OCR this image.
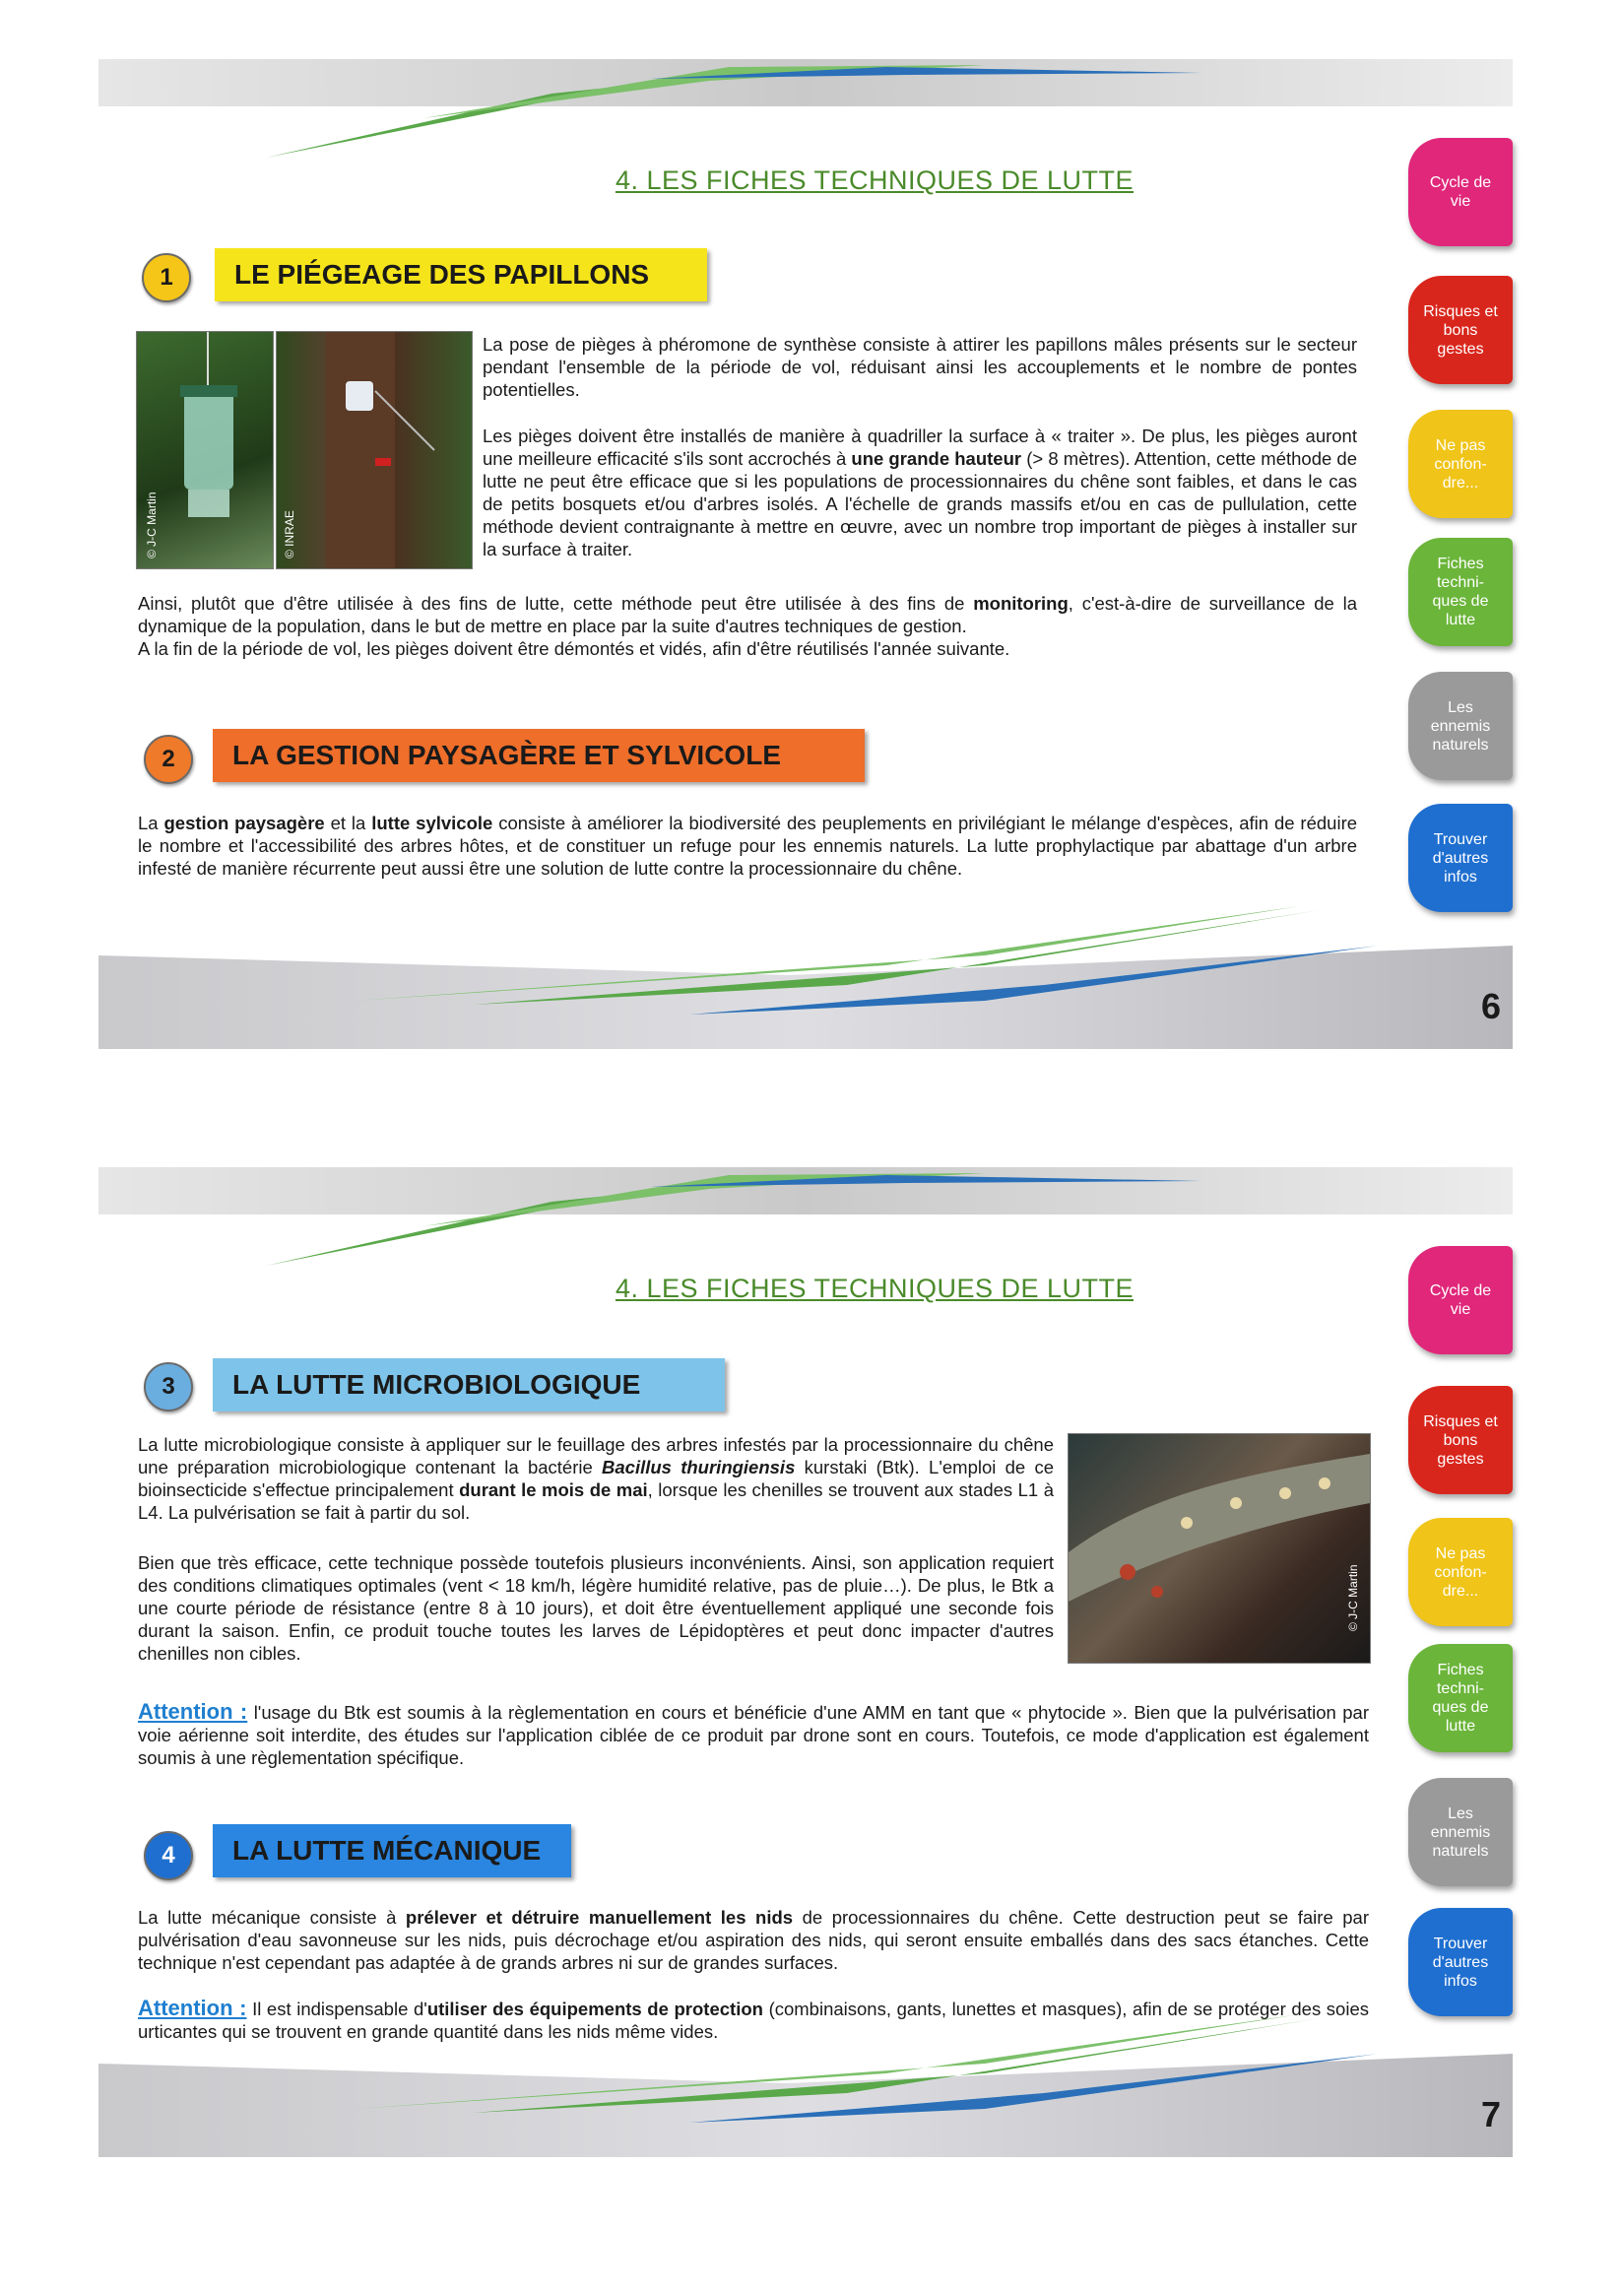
4. LES FICHES TECHNIQUES DE LUTTE
1	LE PIÉGEAGE DES PAPILLONS
© J-C Martin	© INRAE
La pose de pièges à phéromone de synthèse consiste à attirer les papillons mâles présents sur le secteur pendant l'ensemble de la période de vol, réduisant ainsi les accouplements et le nombre de pontes potentielles.
Les pièges doivent être installés de manière à quadriller la surface à « traiter ». De plus, les pièges auront une meilleure efficacité s'ils sont accrochés à une grande hauteur (> 8 mètres). Attention, cette méthode de lutte ne peut être efficace que si les populations de processionnaires du chêne sont faibles, et dans le cas de petits bosquets et/ou d'arbres isolés. A l'échelle de grands massifs et/ou en cas de pullulation, cette méthode devient contraignante à mettre en œuvre, avec un nombre trop important de pièges à installer sur la surface à traiter.
Ainsi, plutôt que d'être utilisée à des fins de lutte, cette méthode peut être utilisée à des fins de monitoring, c'est-à-dire de surveillance de la dynamique de la population, dans le but de mettre en place par la suite d'autres techniques de gestion.
A la fin de la période de vol, les pièges doivent être démontés et vidés, afin d'être réutilisés l'année suivante.
2	LA GESTION PAYSAGÈRE ET SYLVICOLE
La gestion paysagère et la lutte sylvicole consiste à améliorer la biodiversité des peuplements en privilégiant le mélange d'espèces, afin de réduire le nombre et l'accessibilité des arbres hôtes, et de constituer un refuge pour les ennemis naturels. La lutte prophylactique par abattage d'un arbre infesté de manière récurrente peut aussi être une solution de lutte contre la processionnaire du chêne.
Cycle de vie
Risques et bons gestes
Ne pas confon-dre...
Fiches techni-ques de lutte
Les ennemis naturels
Trouver d'autres infos
6
4. LES FICHES TECHNIQUES DE LUTTE
3	LA LUTTE MICROBIOLOGIQUE
La lutte microbiologique consiste à appliquer sur le feuillage des arbres infestés par la processionnaire du chêne une préparation microbiologique contenant la bactérie Bacillus thuringiensis kurstaki (Btk). L'emploi de ce bioinsecticide s'effectue principalement durant le mois de mai, lorsque les chenilles se trouvent aux stades L1 à L4. La pulvérisation se fait à partir du sol.
Bien que très efficace, cette technique possède toutefois plusieurs inconvénients. Ainsi, son application requiert des conditions climatiques optimales (vent < 18 km/h, légère humidité relative, pas de pluie…). De plus, le Btk a une courte période de résistance (entre 8 à 10 jours), et doit être éventuellement appliqué une seconde fois durant la saison. Enfin, ce produit touche toutes les larves de Lépidoptères et peut donc impacter d'autres chenilles non cibles.
© J-C Martin
Attention : l'usage du Btk est soumis à la règlementation en cours et bénéficie d'une AMM en tant que « phytocide ». Bien que la pulvérisation par voie aérienne soit interdite, des études sur l'application ciblée de ce produit par drone sont en cours. Toutefois, ce mode d'application est également soumis à une règlementation spécifique.
4	LA LUTTE MÉCANIQUE
La lutte mécanique consiste à prélever et détruire manuellement les nids de processionnaires du chêne. Cette destruction peut se faire par pulvérisation d'eau savonneuse sur les nids, puis décrochage et/ou aspiration des nids, qui seront ensuite emballés dans des sacs étanches. Cette technique n'est cependant pas adaptée à de grands arbres ni sur de grandes surfaces.
Attention : Il est indispensable d'utiliser des équipements de protection (combinaisons, gants, lunettes et masques), afin de se protéger des soies urticantes qui se trouvent en grande quantité dans les nids même vides.
Cycle de vie
Risques et bons gestes
Ne pas confon-dre...
Fiches techni-ques de lutte
Les ennemis naturels
Trouver d'autres infos
7
